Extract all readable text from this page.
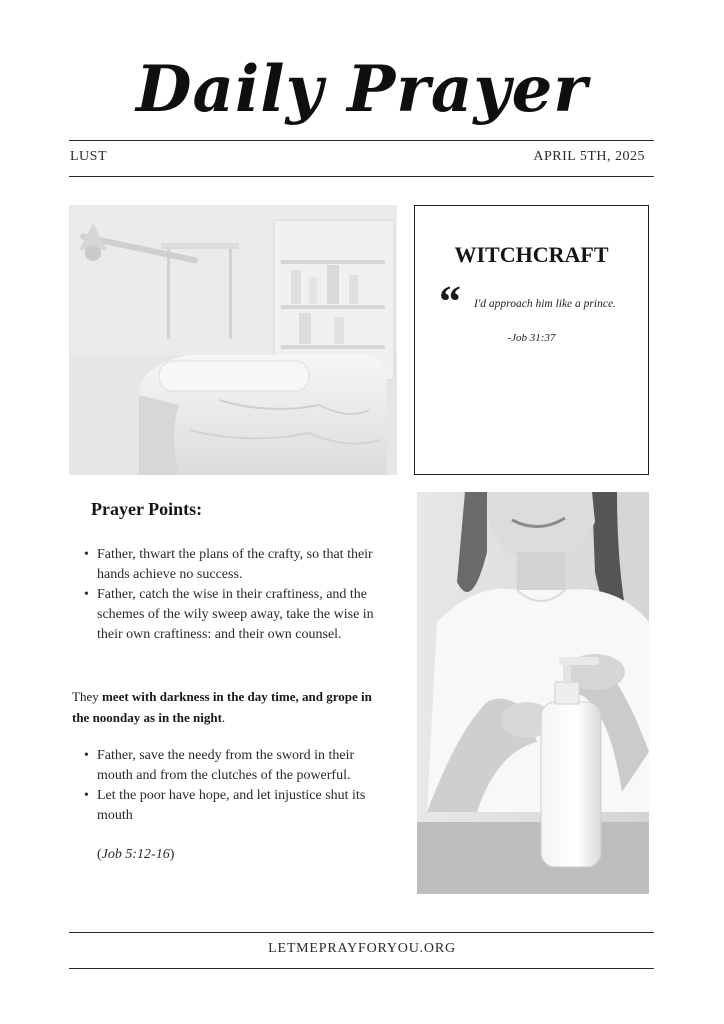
Daily Prayer
LUST	APRIL 5TH, 2025
WITCHCRAFT
“ I'd approach him like a prince.
-Job 31:37
Prayer Points:
• Father, thwart the plans of the crafty, so that their hands achieve no success.
• Father, catch the wise in their craftiness, and the schemes of the wily sweep away, take the wise in their own craftiness: and their own counsel.
They meet with darkness in the day time, and grope in the noonday as in the night.
• Father, save the needy from the sword in their mouth and from the clutches of the powerful.
• Let the poor have hope, and let injustice shut its mouth
(Job 5:12-16)
LETMEPRAYFORYOU.ORG
